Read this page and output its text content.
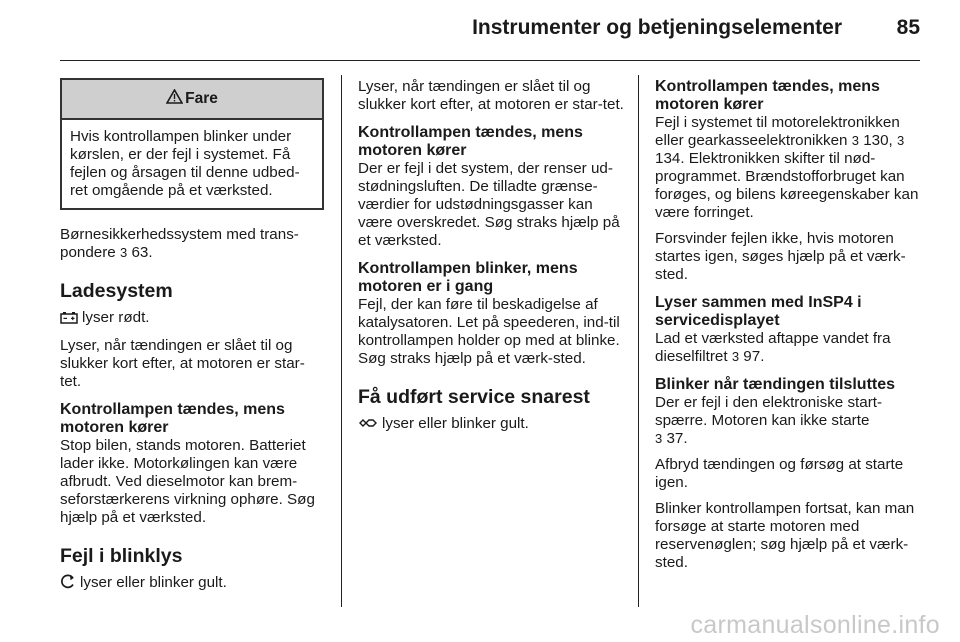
Instrumenter og betjeningselementer	85
Fare
Hvis kontrollampen blinker under kørslen, er der fejl i systemet. Få fejlen og årsagen til denne udbed-ret omgående på et værksted.

Børnesikkerhedssystem med trans-pondere 3 63.

Ladesystem

lyser rødt.

Lyser, når tændingen er slået til og slukker kort efter, at motoren er star-tet.

Kontrollampen tændes, mens motoren kører

Stop bilen, stands motoren. Batteriet lader ikke. Motorkølingen kan være afbrudt. Ved dieselmotor kan brem-seforstærkerens virkning ophøre. Søg hjælp på et værksted.

Fejl i blinklys

lyser eller blinker gult.

Lyser, når tændingen er slået til og slukker kort efter, at motoren er star-tet.

Kontrollampen tændes, mens motoren kører

Der er fejl i det system, der renser ud-stødningsluften. De tilladte grænse-værdier for udstødningsgasser kan være overskredet. Søg straks hjælp på et værksted.

Kontrollampen blinker, mens motoren er i gang

Fejl, der kan føre til beskadigelse af katalysatoren. Let på speederen, ind-til kontrollampen holder op med at blinke. Søg straks hjælp på et værk-sted.

Få udført service snarest

lyser eller blinker gult.

Kontrollampen tændes, mens motoren kører

Fejl i systemet til motorelektronikken eller gearkasseelektronikken 3 130, 3 134. Elektronikken skifter til nød-programmet. Brændstofforbruget kan forøges, og bilens køreegenskaber kan være forringet.

Forsvinder fejlen ikke, hvis motoren startes igen, søges hjælp på et værk-sted.

Lyser sammen med InSP4 i servicedisplayet

Lad et værksted aftappe vandet fra dieselfiltret 3 97.

Blinker når tændingen tilsluttes

Der er fejl i den elektroniske start-spærre. Motoren kan ikke starte
3 37.

Afbryd tændingen og førsøg at starte igen.

Blinker kontrollampen fortsat, kan man forsøge at starte motoren med reservenøglen; søg hjælp på et værk-sted.

carmanualsonline.info
